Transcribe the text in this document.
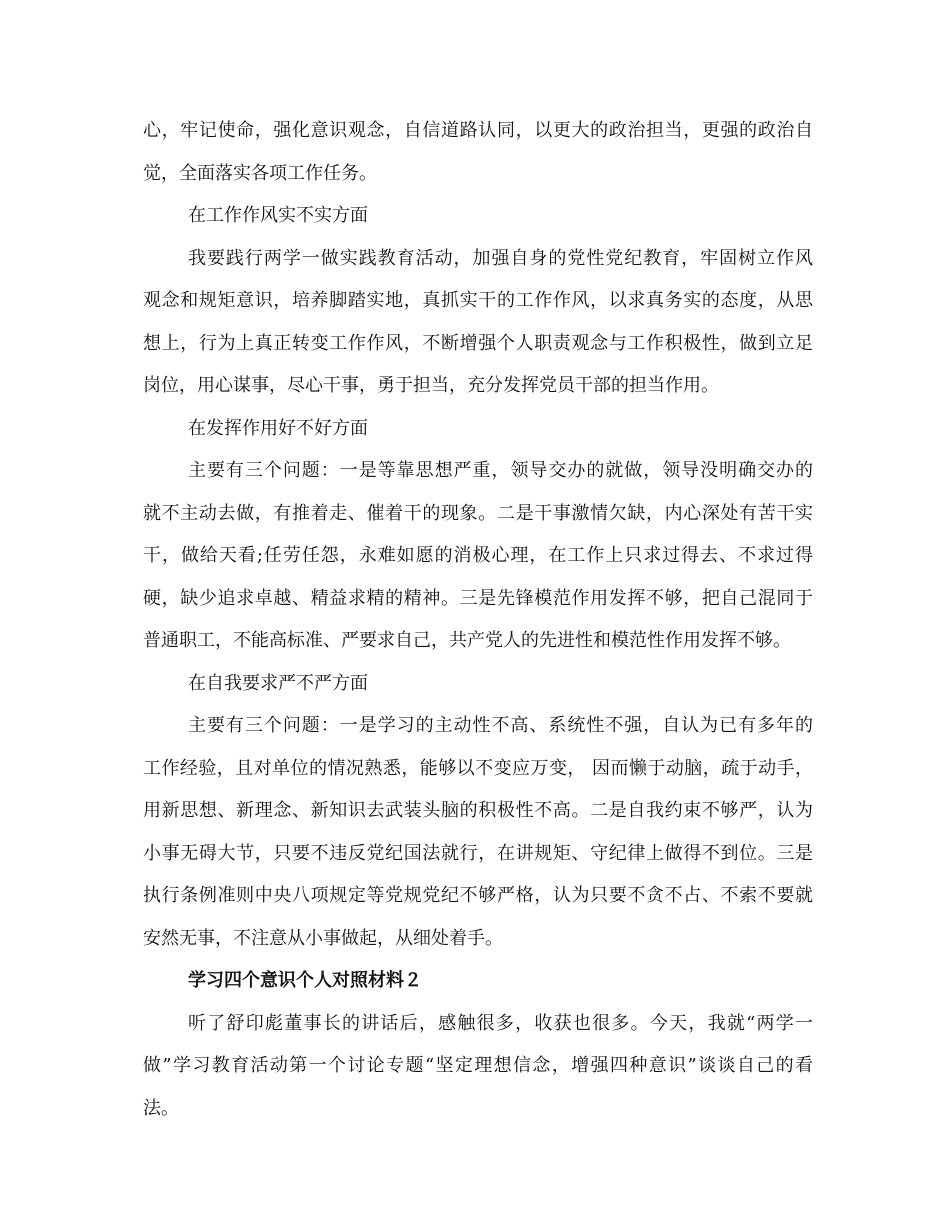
心，牢记使命，强化意识观念，自信道路认同，以更大的政治担当，更强的政治自
觉，全面落实各项工作任务。
在工作作风实不实方面
我要践行两学一做实践教育活动，加强自身的党性党纪教育，牢固树立作风
观念和规矩意识，培养脚踏实地，真抓实干的工作作风，以求真务实的态度，从思
想上，行为上真正转变工作作风，不断增强个人职责观念与工作积极性，做到立足
岗位，用心谋事，尽心干事，勇于担当，充分发挥党员干部的担当作用。
在发挥作用好不好方面
主要有三个问题：一是等靠思想严重，领导交办的就做，领导没明确交办的
就不主动去做，有推着走、催着干的现象。二是干事激情欠缺，内心深处有苦干实
干，做给天看;任劳任怨，永难如愿的消极心理，在工作上只求过得去、不求过得
硬，缺少追求卓越、精益求精的精神。三是先锋模范作用发挥不够，把自己混同于
普通职工，不能高标准、严要求自己，共产党人的先进性和模范性作用发挥不够。
在自我要求严不严方面
主要有三个问题：一是学习的主动性不高、系统性不强，自认为已有多年的
工作经验，且对单位的情况熟悉，能够以不变应万变， 因而懒于动脑，疏于动手，
用新思想、新理念、新知识去武装头脑的积极性不高。二是自我约束不够严，认为
小事无碍大节，只要不违反党纪国法就行，在讲规矩、守纪律上做得不到位。三是
执行条例准则中央八项规定等党规党纪不够严格，认为只要不贪不占、不索不要就
安然无事，不注意从小事做起，从细处着手。
学习四个意识个人对照材料２
听了舒印彪董事长的讲话后，感触很多，收获也很多。今天，我就“两学一
做”学习教育活动第一个讨论专题“坚定理想信念，增强四种意识”谈谈自己的看
法。
